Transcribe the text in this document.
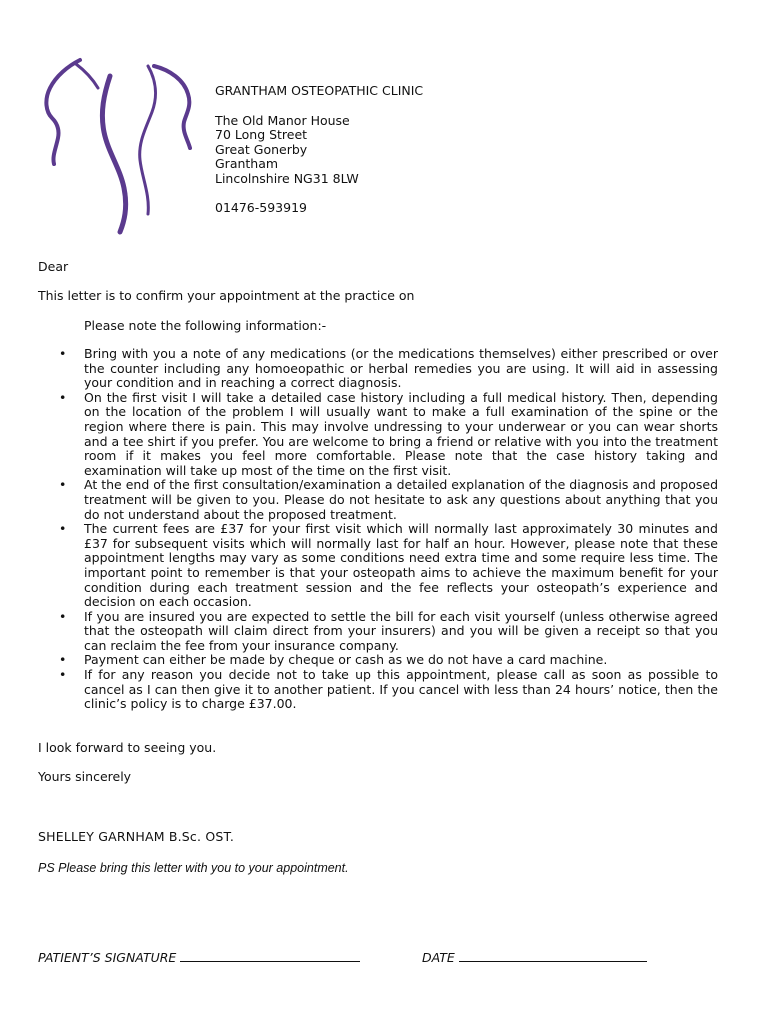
GRANTHAM OSTEOPATHIC CLINIC
The Old Manor House
70 Long Street
Great Gonerby
Grantham
Lincolnshire NG31 8LW
01476-593919
Dear
This letter is to confirm your appointment at the practice on
Please note the following information:-
• Bring with you a note of any medications (or the medications themselves) either prescribed or over the counter including any homoeopathic or herbal remedies you are using. It will aid in assessing your condition and in reaching a correct diagnosis.
• On the first visit I will take a detailed case history including a full medical history. Then, depending on the location of the problem I will usually want to make a full examination of the spine or the region where there is pain. This may involve undressing to your underwear or you can wear shorts and a tee shirt if you prefer. You are welcome to bring a friend or relative with you into the treatment room if it makes you feel more comfortable. Please note that the case history taking and examination will take up most of the time on the first visit.
• At the end of the first consultation/examination a detailed explanation of the diagnosis and proposed treatment will be given to you. Please do not hesitate to ask any questions about anything that you do not understand about the proposed treatment.
• The current fees are £37 for your first visit which will normally last approximately 30 minutes and £37 for subsequent visits which will normally last for half an hour. However, please note that these appointment lengths may vary as some conditions need extra time and some require less time. The important point to remember is that your osteopath aims to achieve the maximum benefit for your condition during each treatment session and the fee reflects your osteopath’s experience and decision on each occasion.
• If you are insured you are expected to settle the bill for each visit yourself (unless otherwise agreed that the osteopath will claim direct from your insurers) and you will be given a receipt so that you can reclaim the fee from your insurance company.
• Payment can either be made by cheque or cash as we do not have a card machine.
• If for any reason you decide not to take up this appointment, please call as soon as possible to cancel as I can then give it to another patient. If you cancel with less than 24 hours’ notice, then the clinic’s policy is to charge £37.00.
I look forward to seeing you.
Yours sincerely
SHELLEY GARNHAM B.Sc. OST.
PS Please bring this letter with you to your appointment.
PATIENT’S SIGNATURE	DATE
